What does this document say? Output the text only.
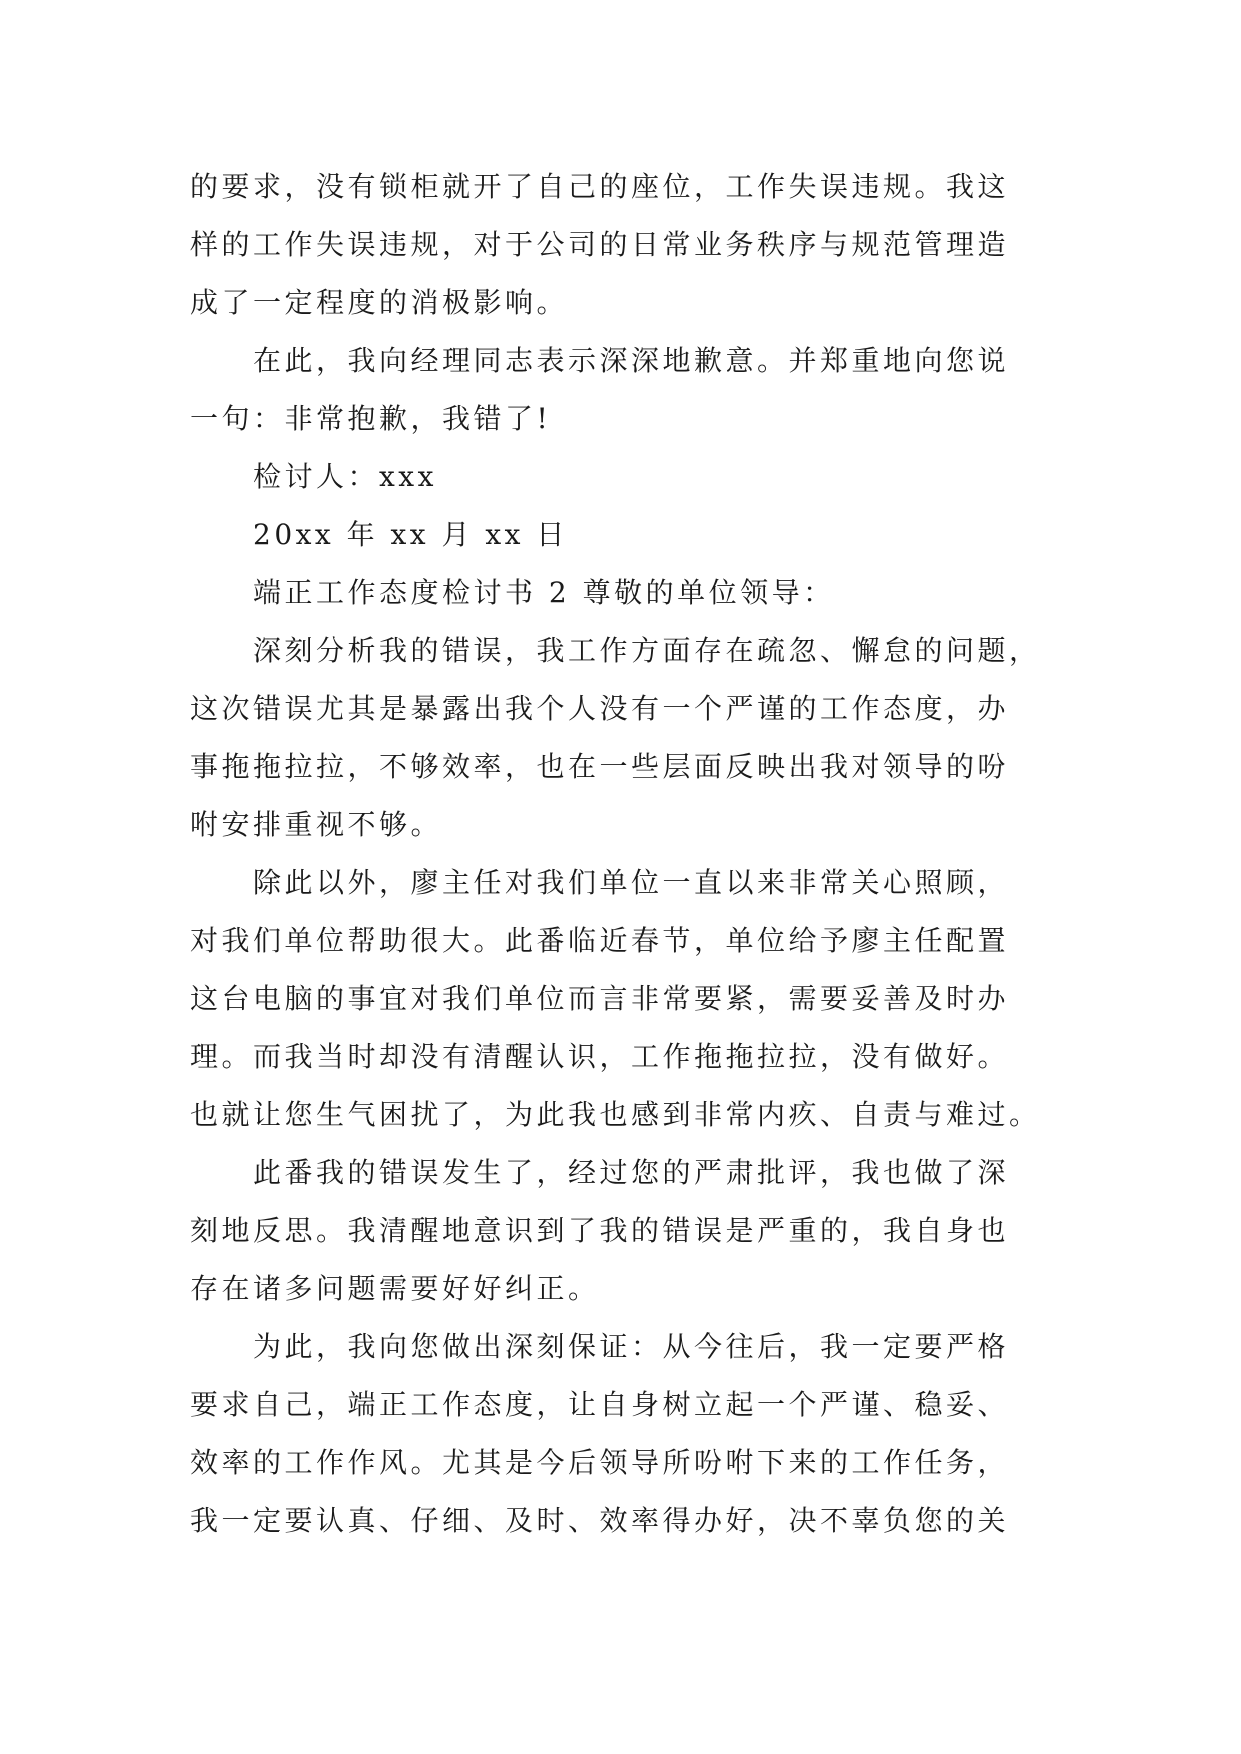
的要求，没有锁柜就开了自己的座位，工作失误违规。我这
样的工作失误违规，对于公司的日常业务秩序与规范管理造
成了一定程度的消极影响。
　　在此，我向经理同志表示深深地歉意。并郑重地向您说
一句：非常抱歉，我错了!
　　检讨人：xxx
　　20xx 年 xx 月 xx 日
　　端正工作态度检讨书 2 尊敬的单位领导：
　　深刻分析我的错误，我工作方面存在疏忽、懈怠的问题，
这次错误尤其是暴露出我个人没有一个严谨的工作态度，办
事拖拖拉拉，不够效率，也在一些层面反映出我对领导的吩
咐安排重视不够。
　　除此以外，廖主任对我们单位一直以来非常关心照顾，
对我们单位帮助很大。此番临近春节，单位给予廖主任配置
这台电脑的事宜对我们单位而言非常要紧，需要妥善及时办
理。而我当时却没有清醒认识，工作拖拖拉拉，没有做好。
也就让您生气困扰了，为此我也感到非常内疚、自责与难过。
　　此番我的错误发生了，经过您的严肃批评，我也做了深
刻地反思。我清醒地意识到了我的错误是严重的，我自身也
存在诸多问题需要好好纠正。
　　为此，我向您做出深刻保证：从今往后，我一定要严格
要求自己，端正工作态度，让自身树立起一个严谨、稳妥、
效率的工作作风。尤其是今后领导所吩咐下来的工作任务，
我一定要认真、仔细、及时、效率得办好，决不辜负您的关
